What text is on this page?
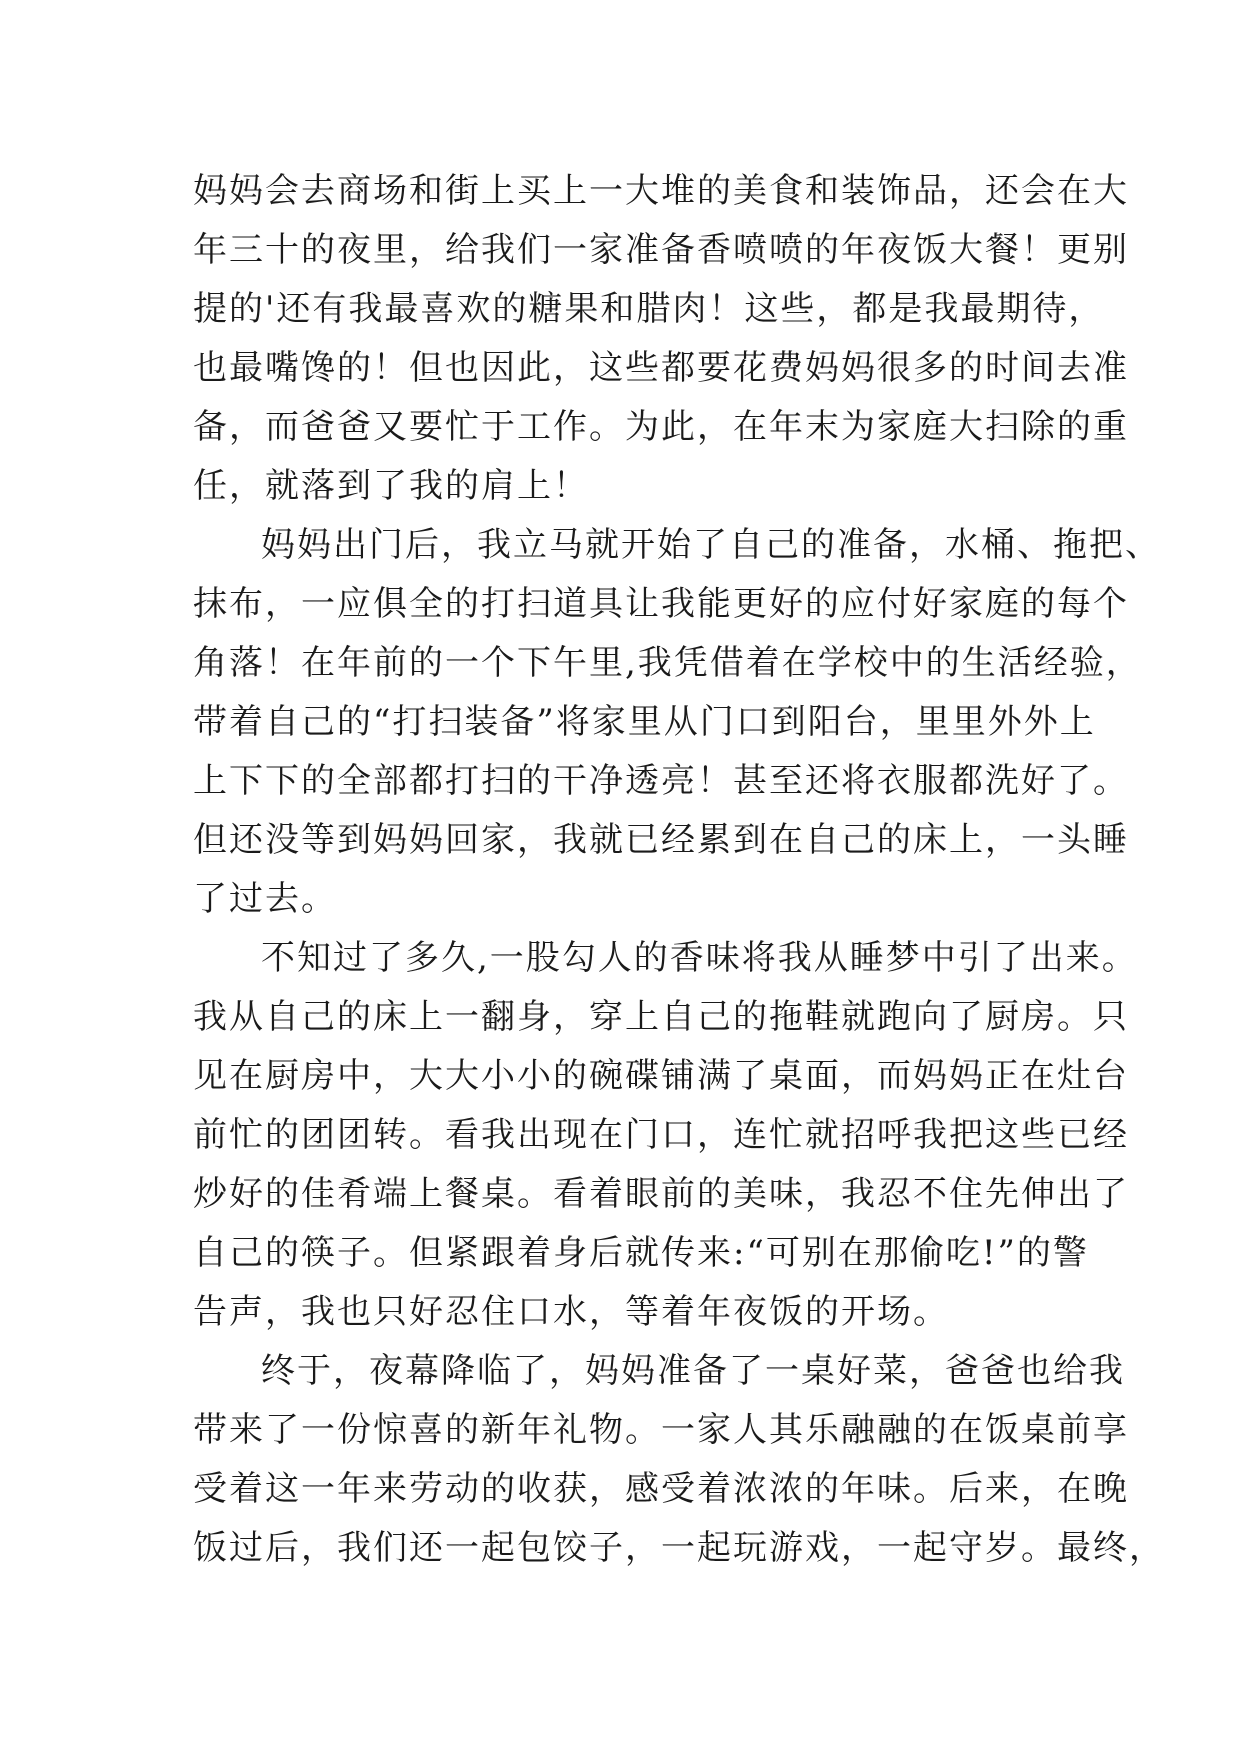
妈妈会去商场和街上买上一大堆的美食和装饰品，还会在大
年三十的夜里，给我们一家准备香喷喷的年夜饭大餐！更别
提的'还有我最喜欢的糖果和腊肉！这些，都是我最期待，
也最嘴馋的！但也因此，这些都要花费妈妈很多的时间去准
备，而爸爸又要忙于工作。为此，在年末为家庭大扫除的重
任，就落到了我的肩上！
妈妈出门后，我立马就开始了自己的准备，水桶、拖把、
抹布，一应俱全的打扫道具让我能更好的应付好家庭的每个
角落！在年前的一个下午里,我凭借着在学校中的生活经验，
带着自己的“打扫装备”将家里从门口到阳台，里里外外上
上下下的全部都打扫的干净透亮！甚至还将衣服都洗好了。
但还没等到妈妈回家，我就已经累到在自己的床上，一头睡
了过去。
不知过了多久,一股勾人的香味将我从睡梦中引了出来。
我从自己的床上一翻身，穿上自己的拖鞋就跑向了厨房。只
见在厨房中，大大小小的碗碟铺满了桌面，而妈妈正在灶台
前忙的团团转。看我出现在门口，连忙就招呼我把这些已经
炒好的佳肴端上餐桌。看着眼前的美味，我忍不住先伸出了
自己的筷子。但紧跟着身后就传来:“可别在那偷吃!”的警
告声，我也只好忍住口水，等着年夜饭的开场。
终于，夜幕降临了，妈妈准备了一桌好菜，爸爸也给我
带来了一份惊喜的新年礼物。一家人其乐融融的在饭桌前享
受着这一年来劳动的收获，感受着浓浓的年味。后来，在晚
饭过后，我们还一起包饺子，一起玩游戏，一起守岁。最终，
